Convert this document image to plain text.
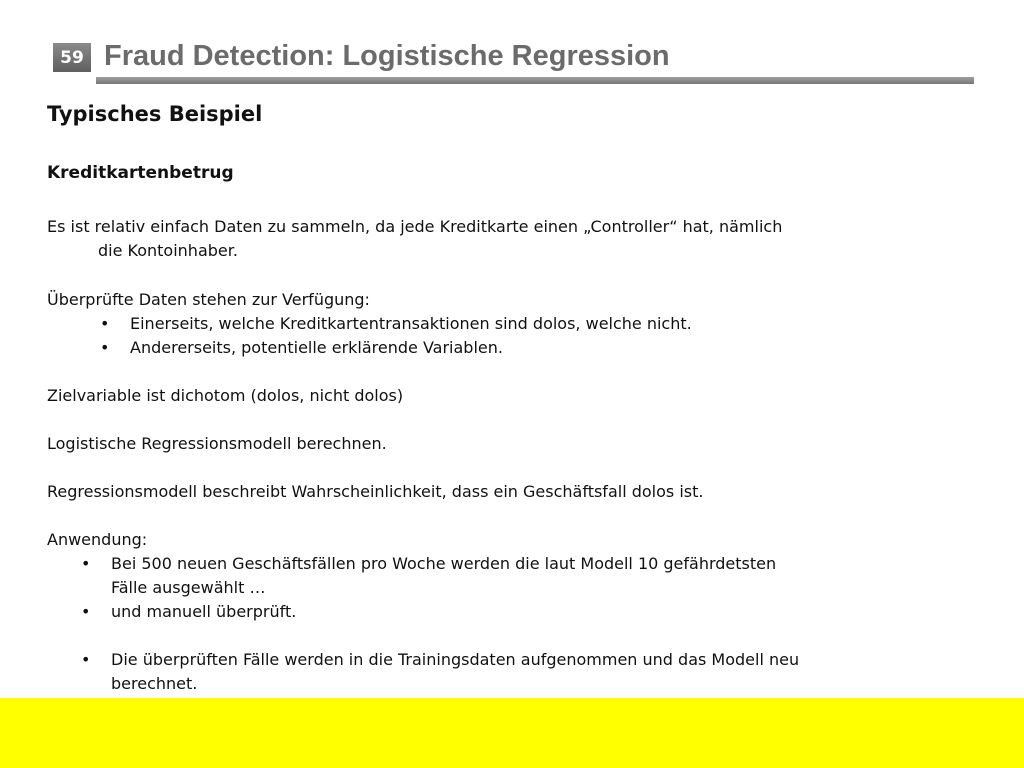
59 Fraud Detection: Logistische Regression
Typisches Beispiel
Kreditkartenbetrug
Es ist relativ einfach Daten zu sammeln, da jede Kreditkarte einen „Controller“ hat, nämlich
die Kontoinhaber.
Überprüfte Daten stehen zur Verfügung:
• Einerseits, welche Kreditkartentransaktionen sind dolos, welche nicht.
• Andererseits, potentielle erklärende Variablen.
Zielvariable ist dichotom (dolos, nicht dolos)
Logistische Regressionsmodell berechnen.
Regressionsmodell beschreibt Wahrscheinlichkeit, dass ein Geschäftsfall dolos ist.
Anwendung:
• Bei 500 neuen Geschäftsfällen pro Woche werden die laut Modell 10 gefährdetsten
Fälle ausgewählt …
• und manuell überprüft.
• Die überprüften Fälle werden in die Trainingsdaten aufgenommen und das Modell neu
berechnet.
